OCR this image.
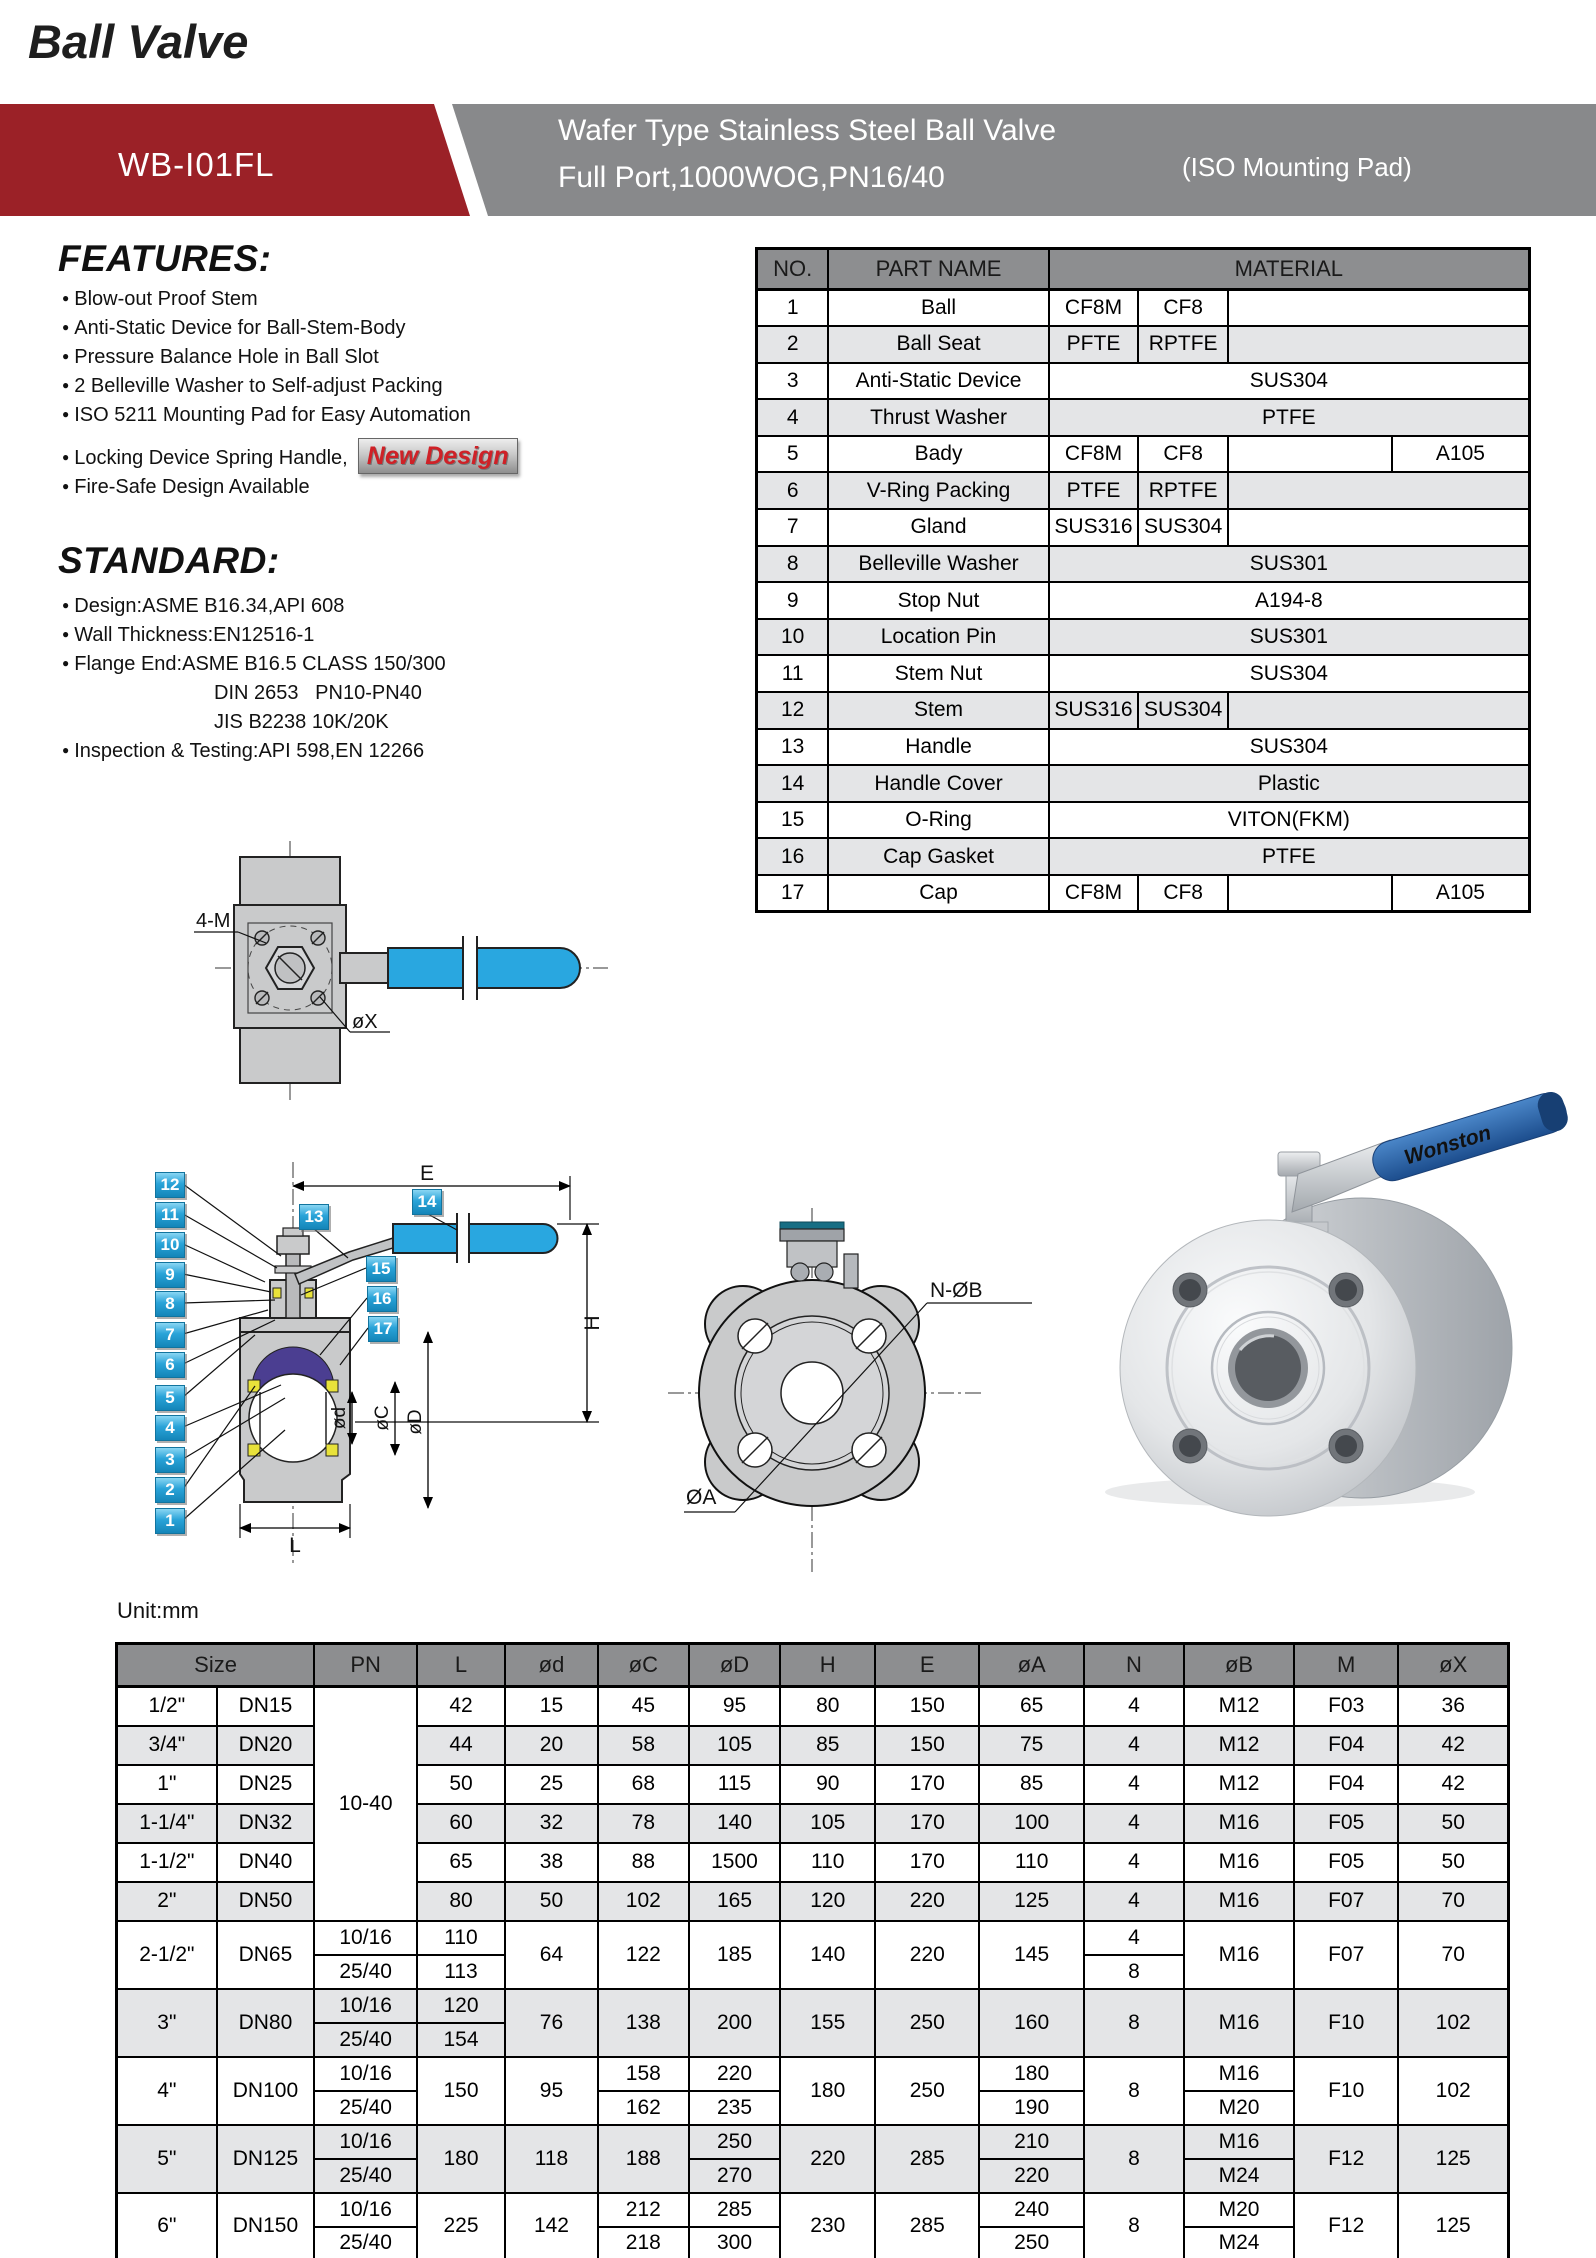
Ball Valve
WB-I01FL
Wafer Type Stainless Steel Ball Valve
Full Port,1000WOG,PN16/40	(ISO Mounting Pad)
FEATURES:
● Blow-out Proof Stem
● Anti-Static Device for Ball-Stem-Body
● Pressure Balance Hole in Ball Slot
● 2 Belleville Washer to Self-adjust Packing
● ISO 5211 Mounting Pad for Easy Automation
● Locking Device Spring Handle, New Design
● Fire-Safe Design Available
STANDARD:
● Design:ASME B16.34,API 608
● Wall Thickness:EN12516-1
● Flange End:ASME B16.5 CLASS 150/300
DIN 2653   PN10-PN40
JIS B2238 10K/20K
● Inspection & Testing:API 598,EN 12266
NO.	PART NAME	MATERIAL			
1	Ball	CF8M	CF8		
2	Ball Seat	PFTE	RPTFE		
3	Anti-Static Device	SUS304			
4	Thrust Washer	PTFE			
5	Bady	CF8M	CF8		A105
6	V-Ring Packing	PTFE	RPTFE		
7	Gland	SUS316	SUS304		
8	Belleville Washer	SUS301			
9	Stop Nut	A194-8			
10	Location Pin	SUS301			
11	Stem Nut	SUS304			
12	Stem	SUS316	SUS304		
13	Handle	SUS304			
14	Handle Cover	Plastic			
15	O-Ring	VITON(FKM)			
16	Cap Gasket	PTFE			
17	Cap	CF8M	CF8		A105
4-M
øX
E
H
ød øC øD
L
ØA
N-ØB
Wonston
Unit:mm
Size		PN	L	ød	øC	øD	H	E	øA	N	øB	M	øX
1/2"	DN15	10-40	42	15	45	95	80	150	65	4	M12	F03	36
3/4"	DN20		44	20	58	105	85	150	75	4	M12	F04	42
1"	DN25		50	25	68	115	90	170	85	4	M12	F04	42
1-1/4"	DN32		60	32	78	140	105	170	100	4	M16	F05	50
1-1/2"	DN40		65	38	88	1500	110	170	110	4	M16	F05	50
2"	DN50		80	50	102	165	120	220	125	4	M16	F07	70
2-1/2"	DN65	10/16	110	64	122	185	140	220	145	4	M16	F07	70
		25/40	113							8			
3"	DN80	10/16	120	76	138	200	155	250	160	8	M16	F10	102
		25/40	154										
4"	DN100	10/16	150	95	158	220	180	250	180	8	M16	F10	102
		25/40			162	235			190		M20		
5"	DN125	10/16	180	118	188	250	220	285	210	8	M16	F12	125
		25/40				270			220		M24		
6"	DN150	10/16	225	142	212	285	230	285	240	8	M20	F12	125
		25/40			218	300			250		M24		
1
2
3
4
5
6
7
8
9
10
11
12
13
14
15
16
17
